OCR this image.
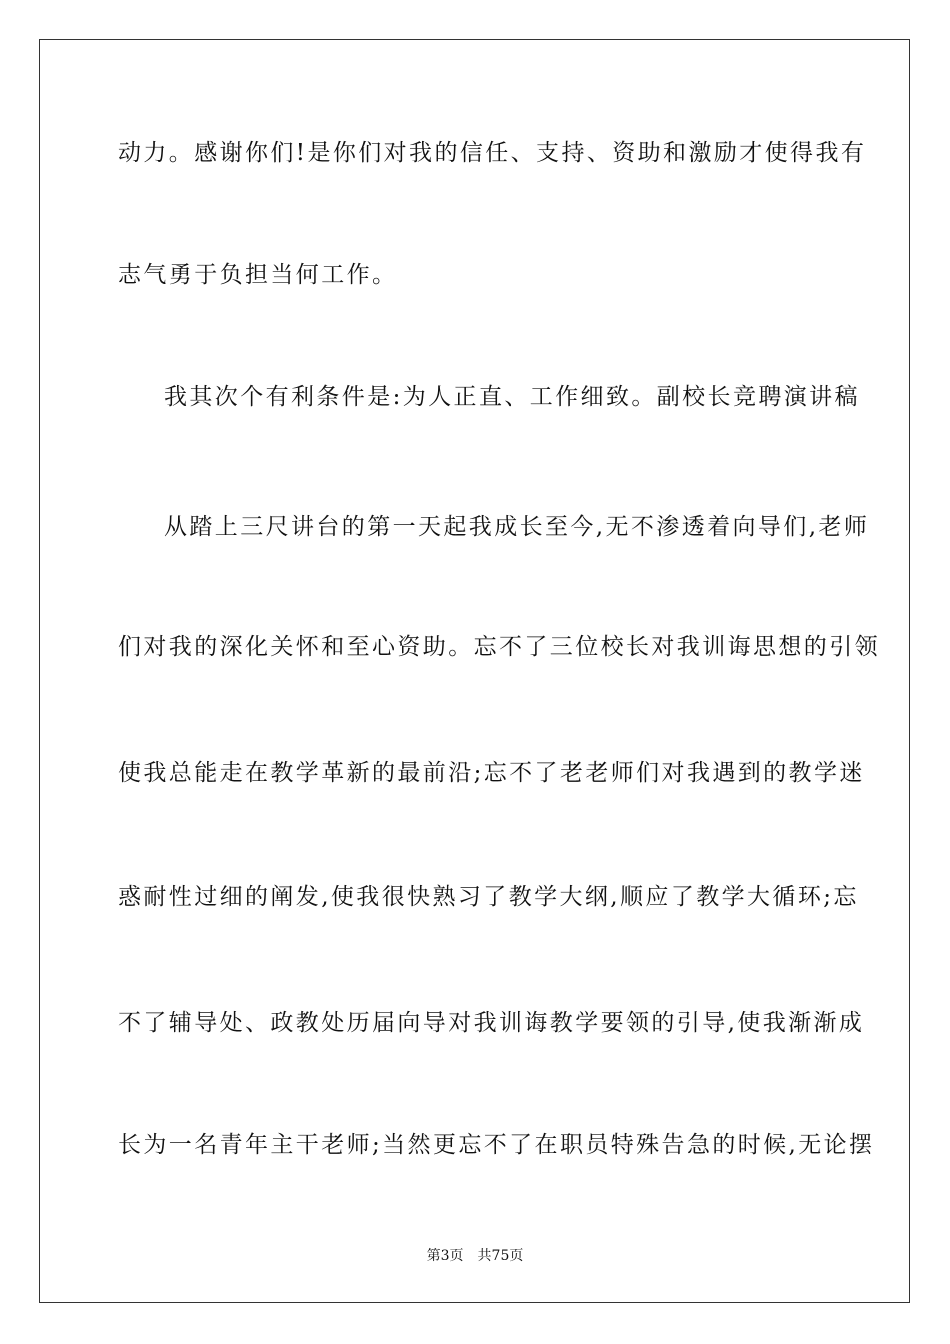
动力。感谢你们!是你们对我的信任、支持、资助和激励才使得我有
志气勇于负担当何工作。
我其次个有利条件是:为人正直、工作细致。副校长竞聘演讲稿
从踏上三尺讲台的第一天起我成长至今,无不渗透着向导们,老师
们对我的深化关怀和至心资助。忘不了三位校长对我训诲思想的引领
使我总能走在教学革新的最前沿;忘不了老老师们对我遇到的教学迷
惑耐性过细的阐发,使我很快熟习了教学大纲,顺应了教学大循环;忘
不了辅导处、政教处历届向导对我训诲教学要领的引导,使我渐渐成
长为一名青年主干老师;当然更忘不了在职员特殊告急的时候,无论摆
第3页 共75页
